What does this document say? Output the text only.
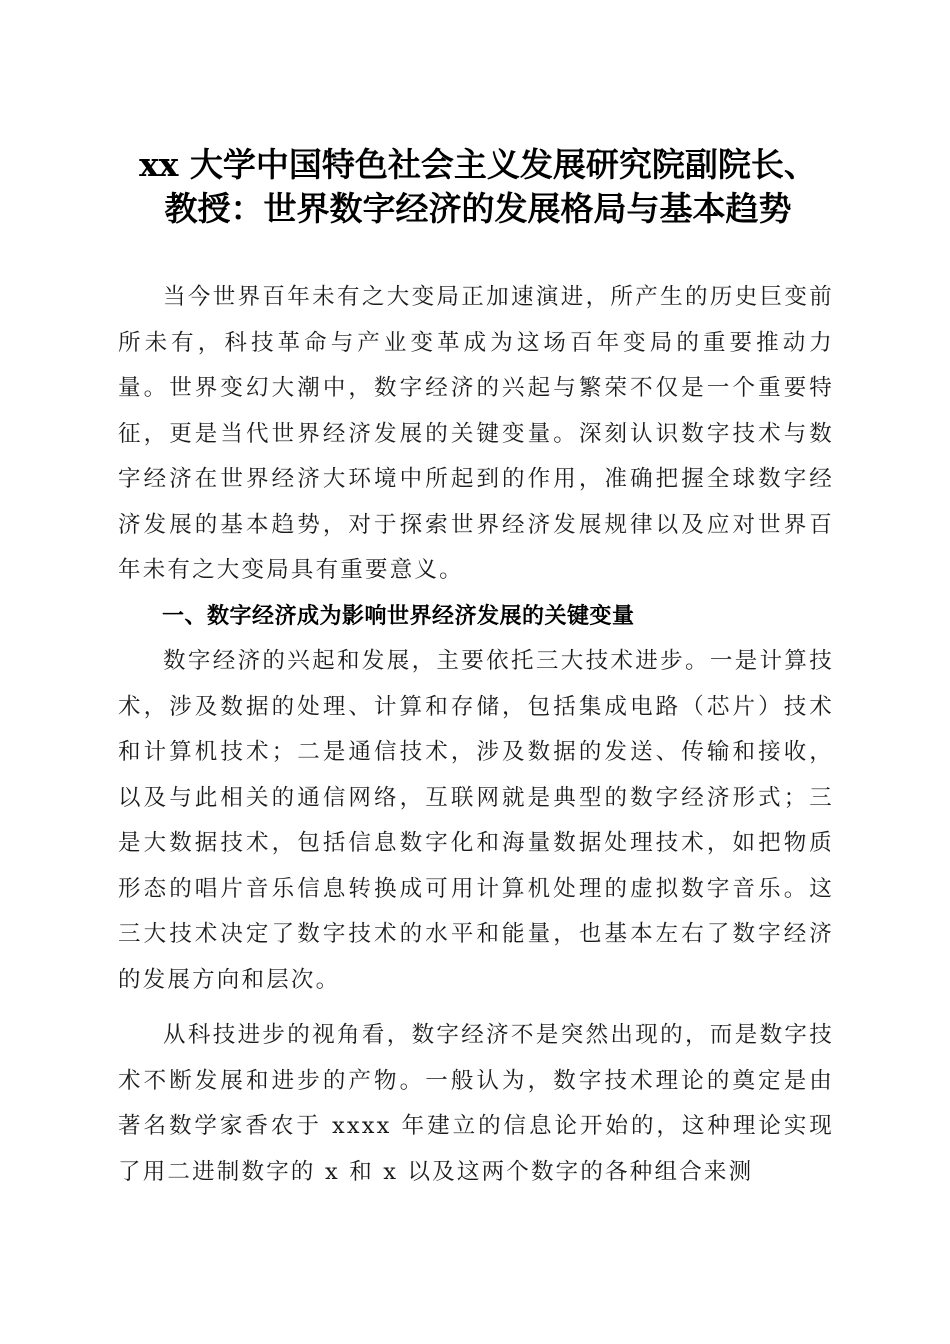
xx 大学中国特色社会主义发展研究院副院长、
教授：世界数字经济的发展格局与基本趋势

当今世界百年未有之大变局正加速演进，所产生的历史巨变前所未有，科技革命与产业变革成为这场百年变局的重要推动力量。世界变幻大潮中，数字经济的兴起与繁荣不仅是一个重要特征，更是当代世界经济发展的关键变量。深刻认识数字技术与数字经济在世界经济大环境中所起到的作用，准确把握全球数字经济发展的基本趋势，对于探索世界经济发展规律以及应对世界百年未有之大变局具有重要意义。

一、数字经济成为影响世界经济发展的关键变量

数字经济的兴起和发展，主要依托三大技术进步。一是计算技术，涉及数据的处理、计算和存储，包括集成电路（芯片）技术和计算机技术；二是通信技术，涉及数据的发送、传输和接收，以及与此相关的通信网络，互联网就是典型的数字经济形式；三是大数据技术，包括信息数字化和海量数据处理技术，如把物质形态的唱片音乐信息转换成可用计算机处理的虚拟数字音乐。这三大技术决定了数字技术的水平和能量，也基本左右了数字经济的发展方向和层次。

从科技进步的视角看，数字经济不是突然出现的，而是数字技术不断发展和进步的产物。一般认为，数字技术理论的奠定是由著名数学家香农于 xxxx 年建立的信息论开始的，这种理论实现了用二进制数字的 x 和 x 以及这两个数字的各种组合来测
